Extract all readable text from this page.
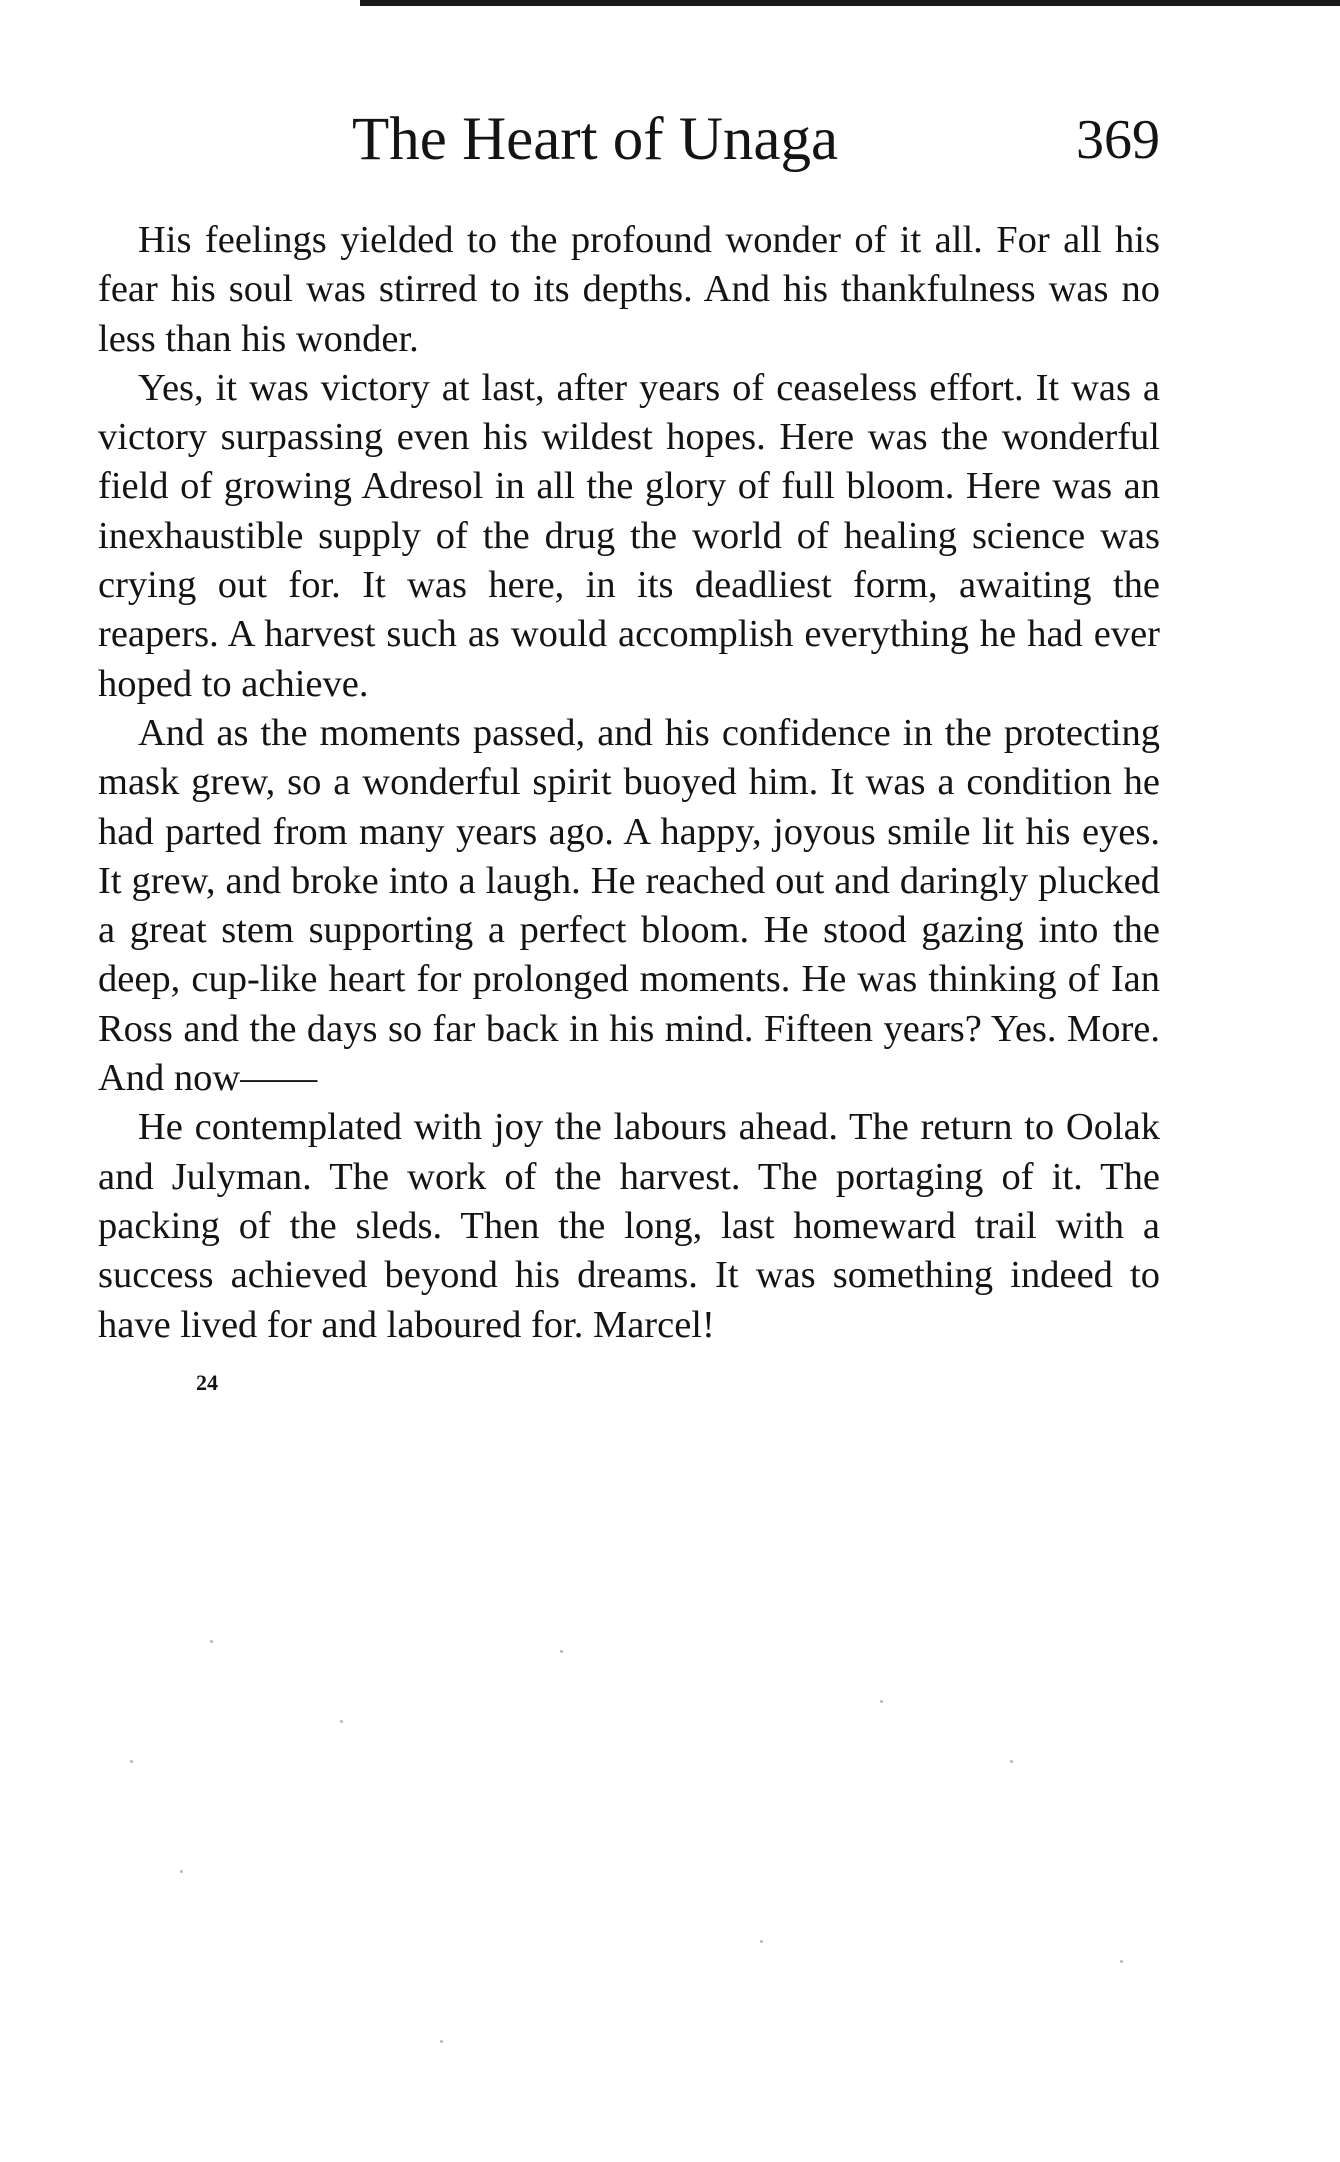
The Heart of Unaga	369

His feelings yielded to the profound wonder of it all. For all his fear his soul was stirred to its depths. And his thankfulness was no less than his wonder.

Yes, it was victory at last, after years of ceaseless effort. It was a victory surpassing even his wildest hopes. Here was the wonderful field of growing Adresol in all the glory of full bloom. Here was an inexhaustible supply of the drug the world of healing science was crying out for. It was here, in its deadliest form, awaiting the reapers. A harvest such as would accomplish everything he had ever hoped to achieve.

And as the moments passed, and his confidence in the protecting mask grew, so a wonderful spirit buoyed him. It was a condition he had parted from many years ago. A happy, joyous smile lit his eyes. It grew, and broke into a laugh. He reached out and daringly plucked a great stem supporting a perfect bloom. He stood gazing into the deep, cup-like heart for prolonged moments. He was thinking of Ian Ross and the days so far back in his mind. Fifteen years? Yes. More. And now——

He contemplated with joy the labours ahead. The return to Oolak and Julyman. The work of the harvest. The portaging of it. The packing of the sleds. Then the long, last homeward trail with a success achieved beyond his dreams. It was something indeed to have lived for and laboured for. Marcel!

24
